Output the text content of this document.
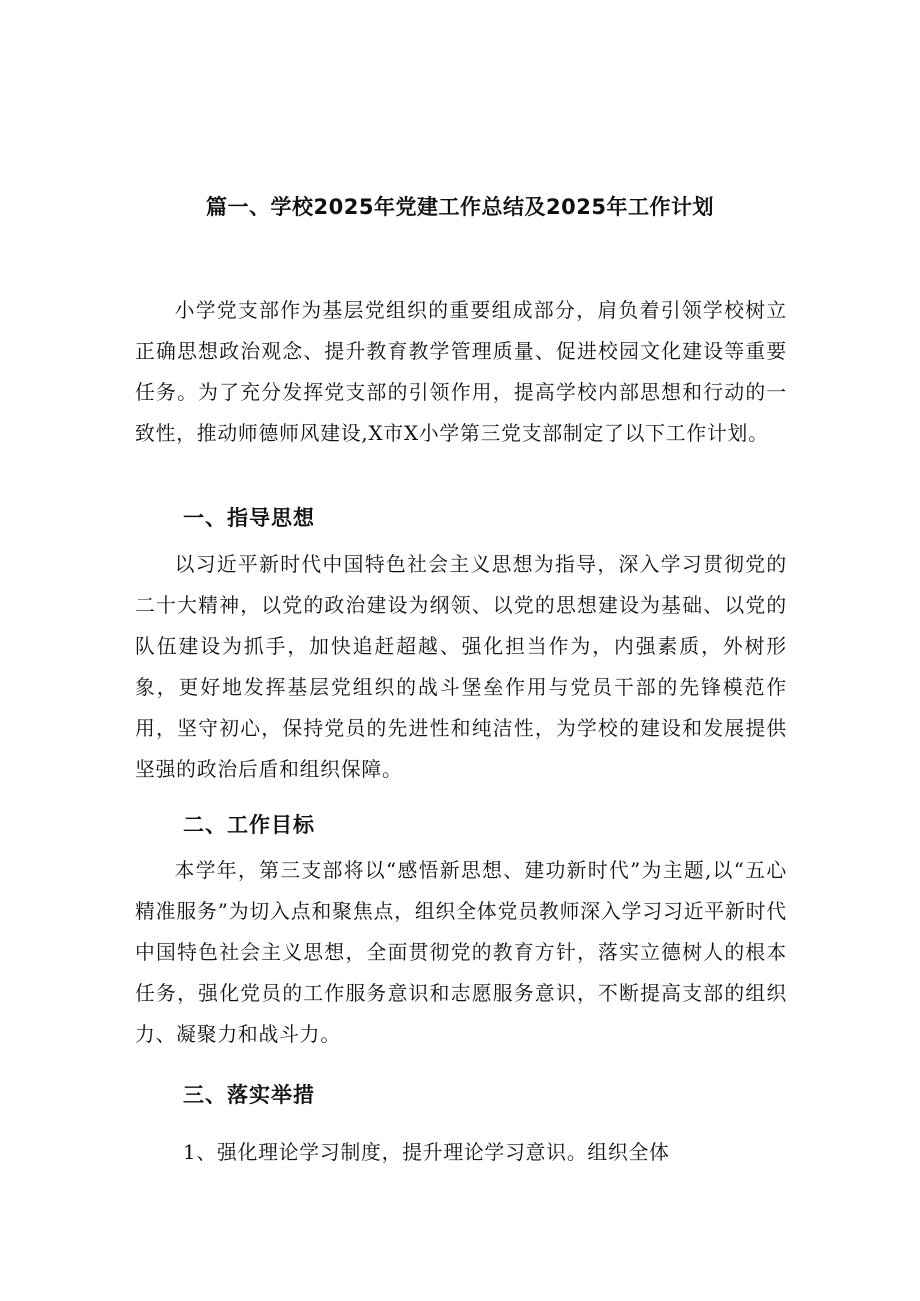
篇一、学校2025年党建工作总结及2025年工作计划

小学党支部作为基层党组织的重要组成部分，肩负着引领学校树立正确思想政治观念、提升教育教学管理质量、促进校园文化建设等重要任务。为了充分发挥党支部的引领作用，提高学校内部思想和行动的一致性，推动师德师风建设,X市X小学第三党支部制定了以下工作计划。

一、指导思想

以习近平新时代中国特色社会主义思想为指导，深入学习贯彻党的二十大精神，以党的政治建设为纲领、以党的思想建设为基础、以党的队伍建设为抓手，加快追赶超越、强化担当作为，内强素质，外树形象，更好地发挥基层党组织的战斗堡垒作用与党员干部的先锋模范作用，坚守初心，保持党员的先进性和纯洁性，为学校的建设和发展提供坚强的政治后盾和组织保障。

二、工作目标

本学年，第三支部将以“感悟新思想、建功新时代”为主题,以“五心精准服务”为切入点和聚焦点，组织全体党员教师深入学习习近平新时代中国特色社会主义思想，全面贯彻党的教育方针，落实立德树人的根本任务，强化党员的工作服务意识和志愿服务意识，不断提高支部的组织力、凝聚力和战斗力。

三、落实举措

1、强化理论学习制度，提升理论学习意识。组织全体
